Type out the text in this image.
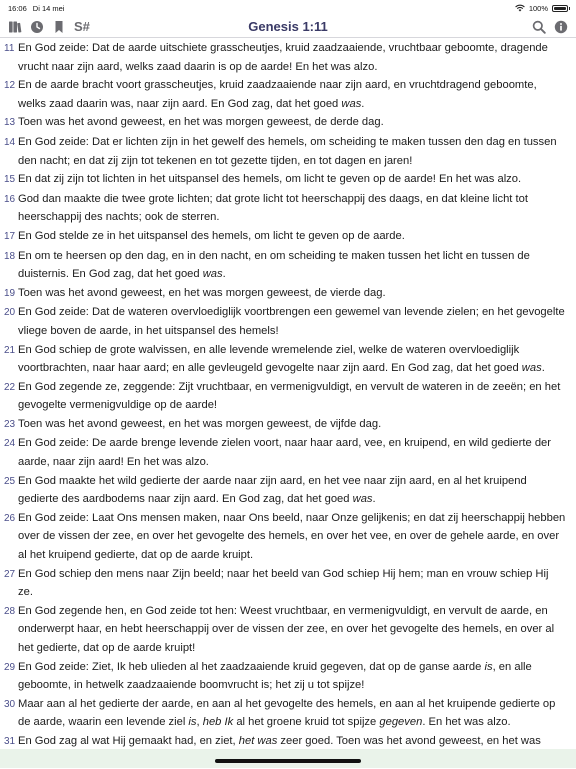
16:06 Di 14 mei	100%
S#	Genesis 1:11
11 En God zeide: Dat de aarde uitschiete grasscheutjes, kruid zaadzaaiende, vruchtbaar geboomte, dragende vrucht naar zijn aard, welks zaad daarin is op de aarde! En het was alzo.
12 En de aarde bracht voort grasscheutjes, kruid zaadzaaiende naar zijn aard, en vruchtdragend geboomte, welks zaad daarin was, naar zijn aard. En God zag, dat het goed was.
13 Toen was het avond geweest, en het was morgen geweest, de derde dag.
14 En God zeide: Dat er lichten zijn in het gewelf des hemels, om scheiding te maken tussen den dag en tussen den nacht; en dat zij zijn tot tekenen en tot gezette tijden, en tot dagen en jaren!
15 En dat zij zijn tot lichten in het uitspansel des hemels, om licht te geven op de aarde! En het was alzo.
16 God dan maakte die twee grote lichten; dat grote licht tot heerschappij des daags, en dat kleine licht tot heerschappij des nachts; ook de sterren.
17 En God stelde ze in het uitspansel des hemels, om licht te geven op de aarde.
18 En om te heersen op den dag, en in den nacht, en om scheiding te maken tussen het licht en tussen de duisternis. En God zag, dat het goed was.
19 Toen was het avond geweest, en het was morgen geweest, de vierde dag.
20 En God zeide: Dat de wateren overvloediglijk voortbrengen een gewemel van levende zielen; en het gevogelte vliege boven de aarde, in het uitspansel des hemels!
21 En God schiep de grote walvissen, en alle levende wremelende ziel, welke de wateren overvloediglijk voortbrachten, naar haar aard; en alle gevleugeld gevogelte naar zijn aard. En God zag, dat het goed was.
22 En God zegende ze, zeggende: Zijt vruchtbaar, en vermenigvuldigt, en vervult de wateren in de zeeën; en het gevogelte vermenigvuldige op de aarde!
23 Toen was het avond geweest, en het was morgen geweest, de vijfde dag.
24 En God zeide: De aarde brenge levende zielen voort, naar haar aard, vee, en kruipend, en wild gedierte der aarde, naar zijn aard! En het was alzo.
25 En God maakte het wild gedierte der aarde naar zijn aard, en het vee naar zijn aard, en al het kruipend gedierte des aardbodems naar zijn aard. En God zag, dat het goed was.
26 En God zeide: Laat Ons mensen maken, naar Ons beeld, naar Onze gelijkenis; en dat zij heerschappij hebben over de vissen der zee, en over het gevogelte des hemels, en over het vee, en over de gehele aarde, en over al het kruipend gedierte, dat op de aarde kruipt.
27 En God schiep den mens naar Zijn beeld; naar het beeld van God schiep Hij hem; man en vrouw schiep Hij ze.
28 En God zegende hen, en God zeide tot hen: Weest vruchtbaar, en vermenigvuldigt, en vervult de aarde, en onderwerpt haar, en hebt heerschappij over de vissen der zee, en over het gevogelte des hemels, en over al het gedierte, dat op de aarde kruipt!
29 En God zeide: Ziet, Ik heb ulieden al het zaadzaaiende kruid gegeven, dat op de ganse aarde is, en alle geboomte, in hetwelk zaadzaaiende boomvrucht is; het zij u tot spijze!
30 Maar aan al het gedierte der aarde, en aan al het gevogelte des hemels, en aan al het kruipende gedierte op de aarde, waarin een levende ziel is, heb Ik al het groene kruid tot spijze gegeven. En het was alzo.
31 En God zag al wat Hij gemaakt had, en ziet, het was zeer goed. Toen was het avond geweest, en het was
